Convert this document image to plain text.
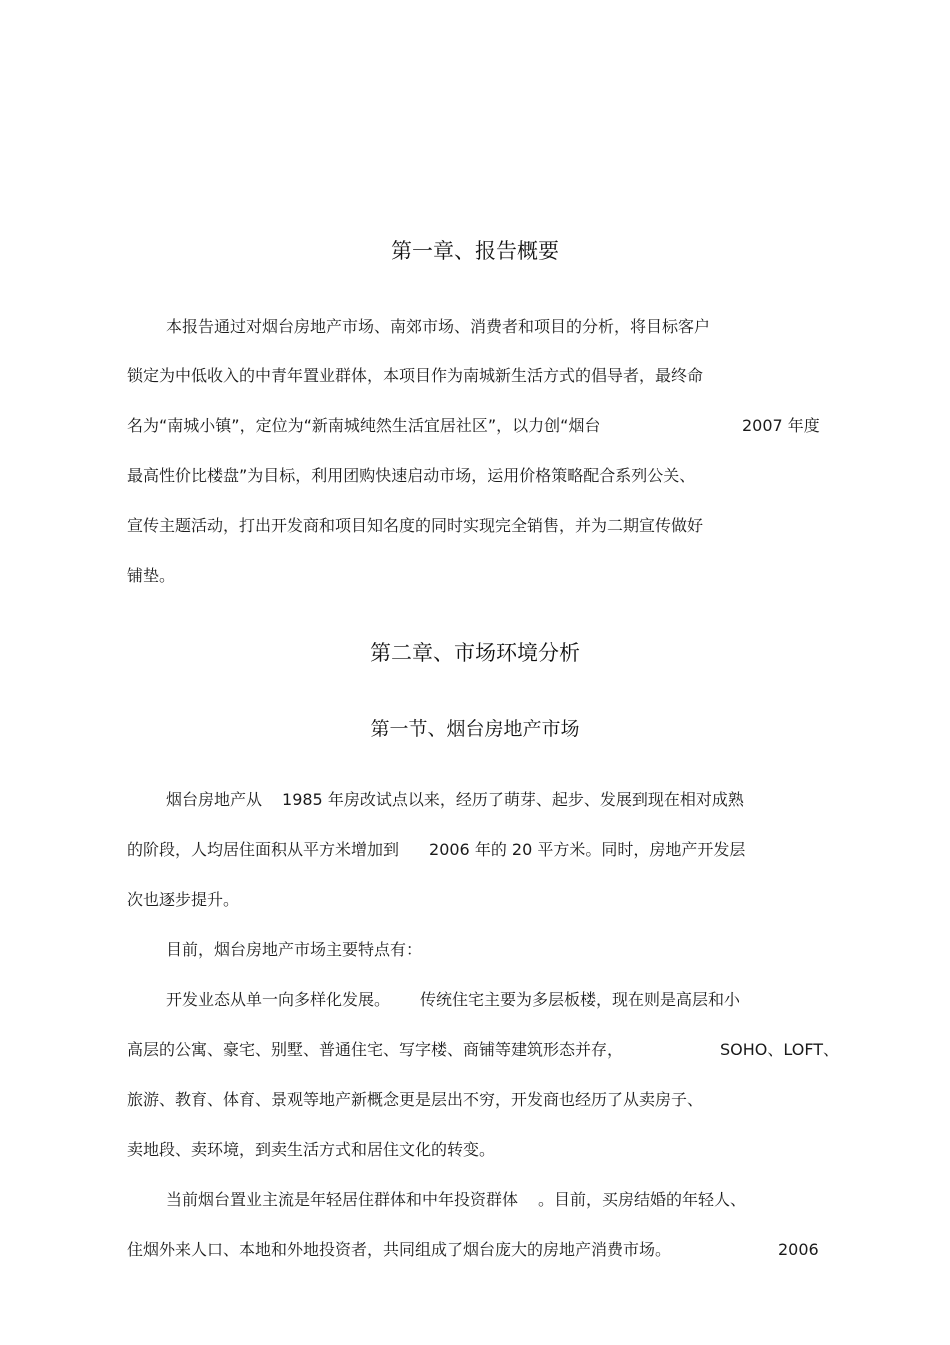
第一章、报告概要
本报告通过对烟台房地产市场、南郊市场、消费者和项目的分析，将目标客户
锁定为中低收入的中青年置业群体，本项目作为南城新生活方式的倡导者，最终命
名为“南城小镇”，定位为“新南城纯然生活宜居社区”，以力创“烟台	2007 年度
最高性价比楼盘”为目标，利用团购快速启动市场，运用价格策略配合系列公关、
宣传主题活动，打出开发商和项目知名度的同时实现完全销售，并为二期宣传做好
铺垫。
第二章、市场环境分析
第一节、烟台房地产市场
烟台房地产从 1985 年房改试点以来，经历了萌芽、起步、发展到现在相对成熟
的阶段，人均居住面积从平方米增加到 2006 年的 20 平方米。同时，房地产开发层
次也逐步提升。
目前，烟台房地产市场主要特点有：
开发业态从单一向多样化发展。 传统住宅主要为多层板楼，现在则是高层和小
高层的公寓、豪宅、别墅、普通住宅、写字楼、商铺等建筑形态并存，	SOHO、LOFT、
旅游、教育、体育、景观等地产新概念更是层出不穷，开发商也经历了从卖房子、
卖地段、卖环境，到卖生活方式和居住文化的转变。
当前烟台置业主流是年轻居住群体和中年投资群体 。目前，买房结婚的年轻人、
住烟外来人口、本地和外地投资者，共同组成了烟台庞大的房地产消费市场。	2006
